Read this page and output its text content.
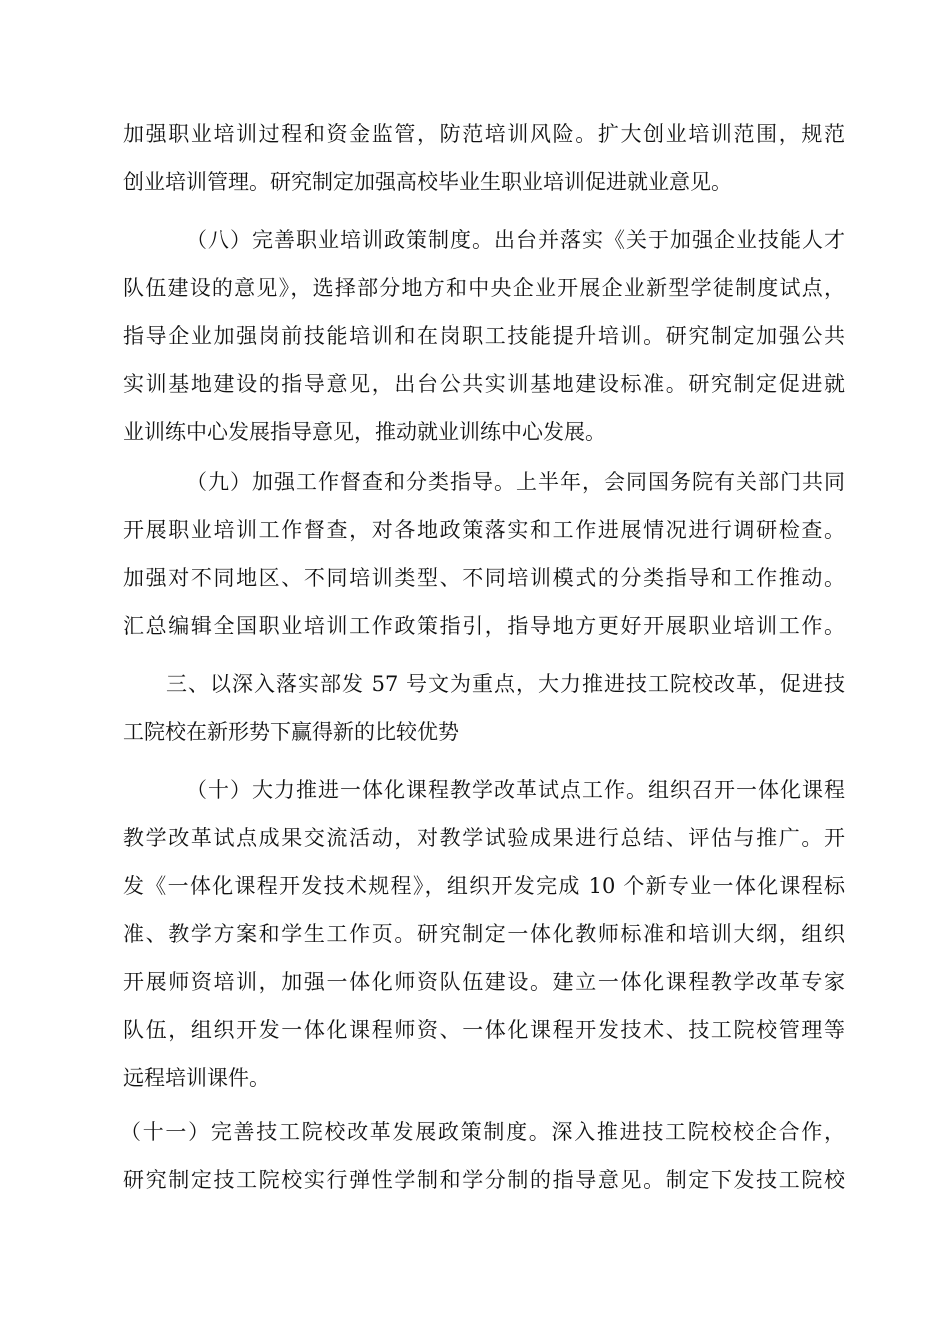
加强职业培训过程和资金监管，防范培训风险。扩大创业培训范围，规范
创业培训管理。研究制定加强高校毕业生职业培训促进就业意见。
（八）完善职业培训政策制度。出台并落实《关于加强企业技能人才
队伍建设的意见》，选择部分地方和中央企业开展企业新型学徒制度试点，
指导企业加强岗前技能培训和在岗职工技能提升培训。研究制定加强公共
实训基地建设的指导意见，出台公共实训基地建设标准。研究制定促进就
业训练中心发展指导意见，推动就业训练中心发展。
（九）加强工作督查和分类指导。上半年，会同国务院有关部门共同
开展职业培训工作督查，对各地政策落实和工作进展情况进行调研检查。
加强对不同地区、不同培训类型、不同培训模式的分类指导和工作推动。
汇总编辑全国职业培训工作政策指引，指导地方更好开展职业培训工作。
三、以深入落实部发 57 号文为重点，大力推进技工院校改革，促进技
工院校在新形势下赢得新的比较优势
（十）大力推进一体化课程教学改革试点工作。组织召开一体化课程
教学改革试点成果交流活动，对教学试验成果进行总结、评估与推广。开
发《一体化课程开发技术规程》，组织开发完成 10 个新专业一体化课程标
准、教学方案和学生工作页。研究制定一体化教师标准和培训大纲，组织
开展师资培训，加强一体化师资队伍建设。建立一体化课程教学改革专家
队伍，组织开发一体化课程师资、一体化课程开发技术、技工院校管理等
远程培训课件。
（十一）完善技工院校改革发展政策制度。深入推进技工院校校企合作，
研究制定技工院校实行弹性学制和学分制的指导意见。制定下发技工院校
